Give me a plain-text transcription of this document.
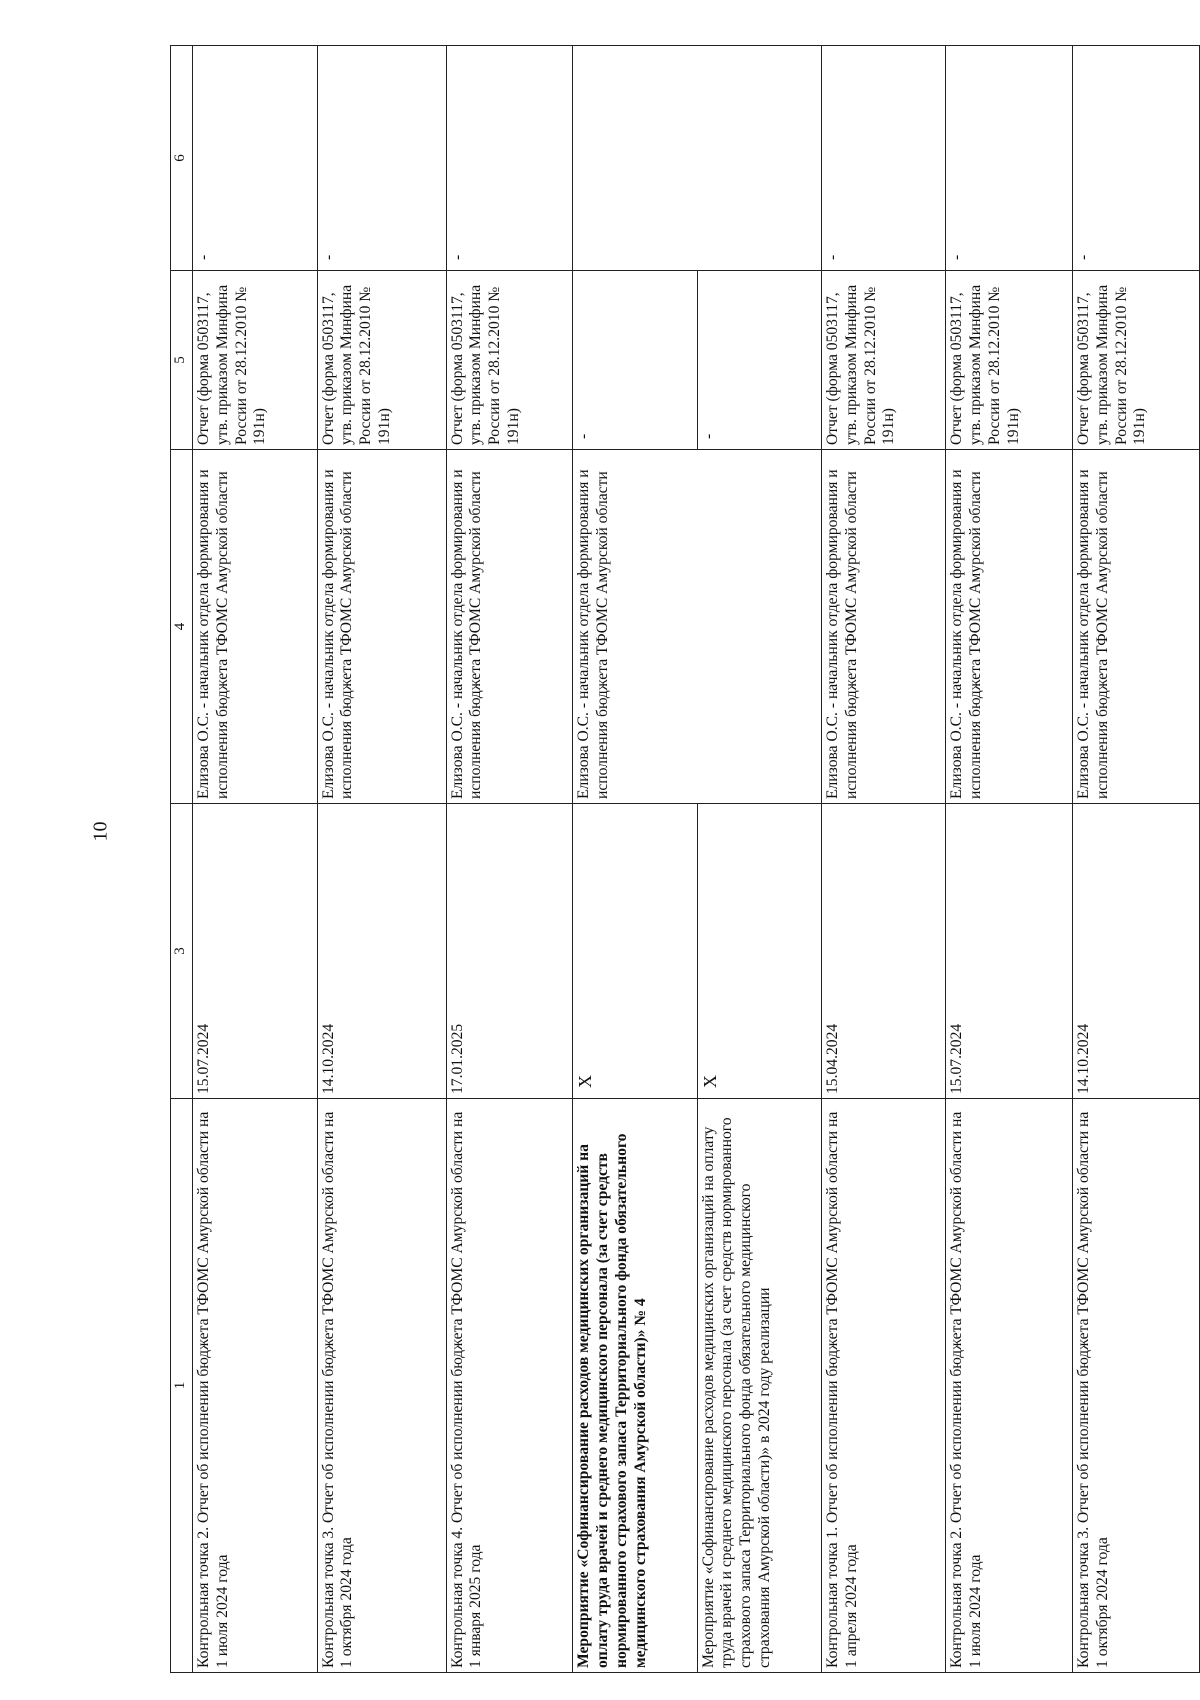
10
1	3	4	5	6
Контрольная точка 2. Отчет об исполнении бюджета ТФОМС Амурской области на 1 июля 2024 года	15.07.2024	Елизова О.С. - начальник отдела формирования и исполнения бюджета ТФОМС Амурской области	Отчет (форма 0503117, утв. приказом Минфина России от 28.12.2010 № 191н)	-
Контрольная точка 3. Отчет об исполнении бюджета ТФОМС Амурской области на 1 октября 2024 года	14.10.2024	Елизова О.С. - начальник отдела формирования и исполнения бюджета ТФОМС Амурской области	Отчет (форма 0503117, утв. приказом Минфина России от 28.12.2010 № 191н)	-
Контрольная точка 4. Отчет об исполнении бюджета ТФОМС Амурской области на 1 января 2025 года	17.01.2025	Елизова О.С. - начальник отдела формирования и исполнения бюджета ТФОМС Амурской области	Отчет (форма 0503117, утв. приказом Минфина России от 28.12.2010 № 191н)	-
Мероприятие «Софинансирование расходов медицинских организаций на оплату труда врачей и среднего медицинского персонала (за счет средств нормированного страхового запаса Территориального фонда обязательного медицинского страхования Амурской области)» № 4	X	Елизова О.С. - начальник отдела формирования и исполнения бюджета ТФОМС Амурской области	-	
Мероприятие «Софинансирование расходов медицинских организаций на оплату труда врачей и среднего медицинского персонала (за счет средств нормированного страхового запаса Территориального фонда обязательного медицинского страхования Амурской области)» в 2024 году реализации	X		-	
Контрольная точка 1. Отчет об исполнении бюджета ТФОМС Амурской области на 1 апреля 2024 года	15.04.2024	Елизова О.С. - начальник отдела формирования и исполнения бюджета ТФОМС Амурской области	Отчет (форма 0503117, утв. приказом Минфина России от 28.12.2010 № 191н)	-
Контрольная точка 2. Отчет об исполнении бюджета ТФОМС Амурской области на 1 июля 2024 года	15.07.2024	Елизова О.С. - начальник отдела формирования и исполнения бюджета ТФОМС Амурской области	Отчет (форма 0503117, утв. приказом Минфина России от 28.12.2010 № 191н)	-
Контрольная точка 3. Отчет об исполнении бюджета ТФОМС Амурской области на 1 октября 2024 года	14.10.2024	Елизова О.С. - начальник отдела формирования и исполнения бюджета ТФОМС Амурской области	Отчет (форма 0503117, утв. приказом Минфина России от 28.12.2010 № 191н)	-
